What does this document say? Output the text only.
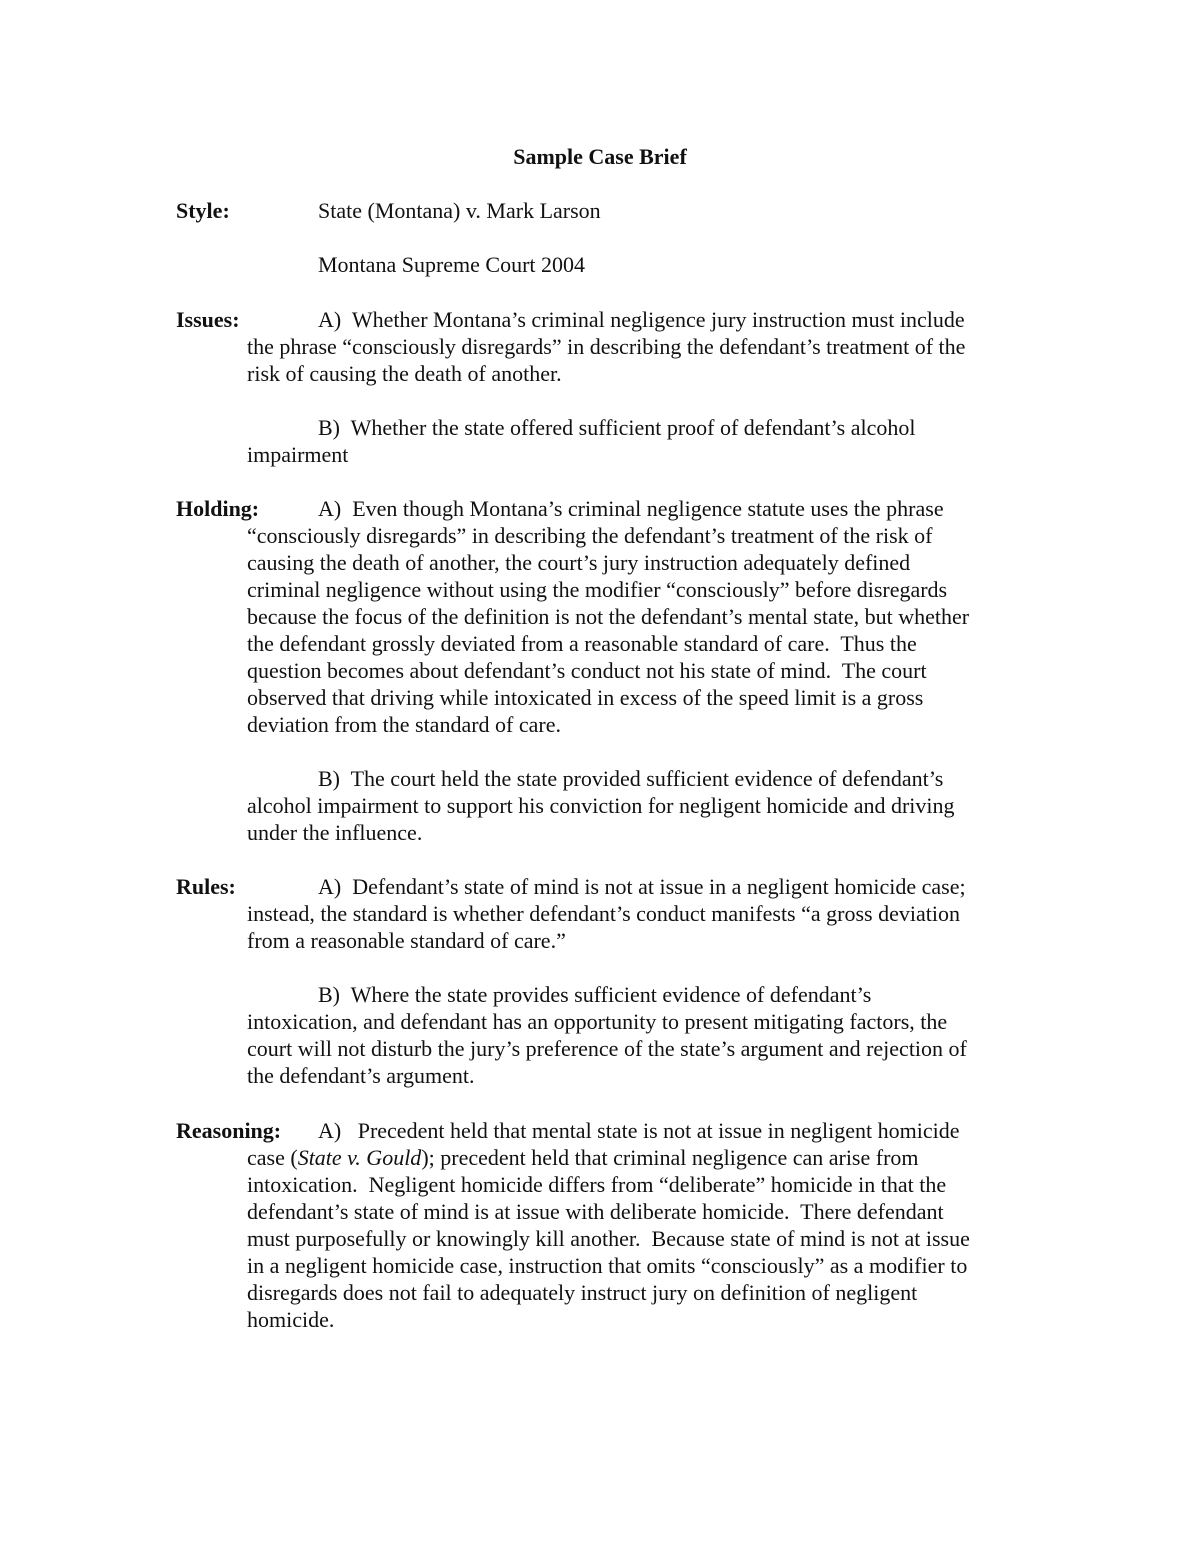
Sample Case Brief
Style:	State (Montana) v. Mark Larson
Montana Supreme Court 2004
Issues:	A)  Whether Montana’s criminal negligence jury instruction must include
the phrase “consciously disregards” in describing the defendant’s treatment of the
risk of causing the death of another.
B)  Whether the state offered sufficient proof of defendant’s alcohol
impairment
Holding:	A)  Even though Montana’s criminal negligence statute uses the phrase
“consciously disregards” in describing the defendant’s treatment of the risk of
causing the death of another, the court’s jury instruction adequately defined
criminal negligence without using the modifier “consciously” before disregards
because the focus of the definition is not the defendant’s mental state, but whether
the defendant grossly deviated from a reasonable standard of care.  Thus the
question becomes about defendant’s conduct not his state of mind.  The court
observed that driving while intoxicated in excess of the speed limit is a gross
deviation from the standard of care.
B)  The court held the state provided sufficient evidence of defendant’s
alcohol impairment to support his conviction for negligent homicide and driving
under the influence.
Rules:	A)  Defendant’s state of mind is not at issue in a negligent homicide case;
instead, the standard is whether defendant’s conduct manifests “a gross deviation
from a reasonable standard of care.”
B)  Where the state provides sufficient evidence of defendant’s
intoxication, and defendant has an opportunity to present mitigating factors, the
court will not disturb the jury’s preference of the state’s argument and rejection of
the defendant’s argument.
Reasoning: A)   Precedent held that mental state is not at issue in negligent homicide
case (State v. Gould); precedent held that criminal negligence can arise from
intoxication.  Negligent homicide differs from “deliberate” homicide in that the
defendant’s state of mind is at issue with deliberate homicide.  There defendant
must purposefully or knowingly kill another.  Because state of mind is not at issue
in a negligent homicide case, instruction that omits “consciously” as a modifier to
disregards does not fail to adequately instruct jury on definition of negligent
homicide.
